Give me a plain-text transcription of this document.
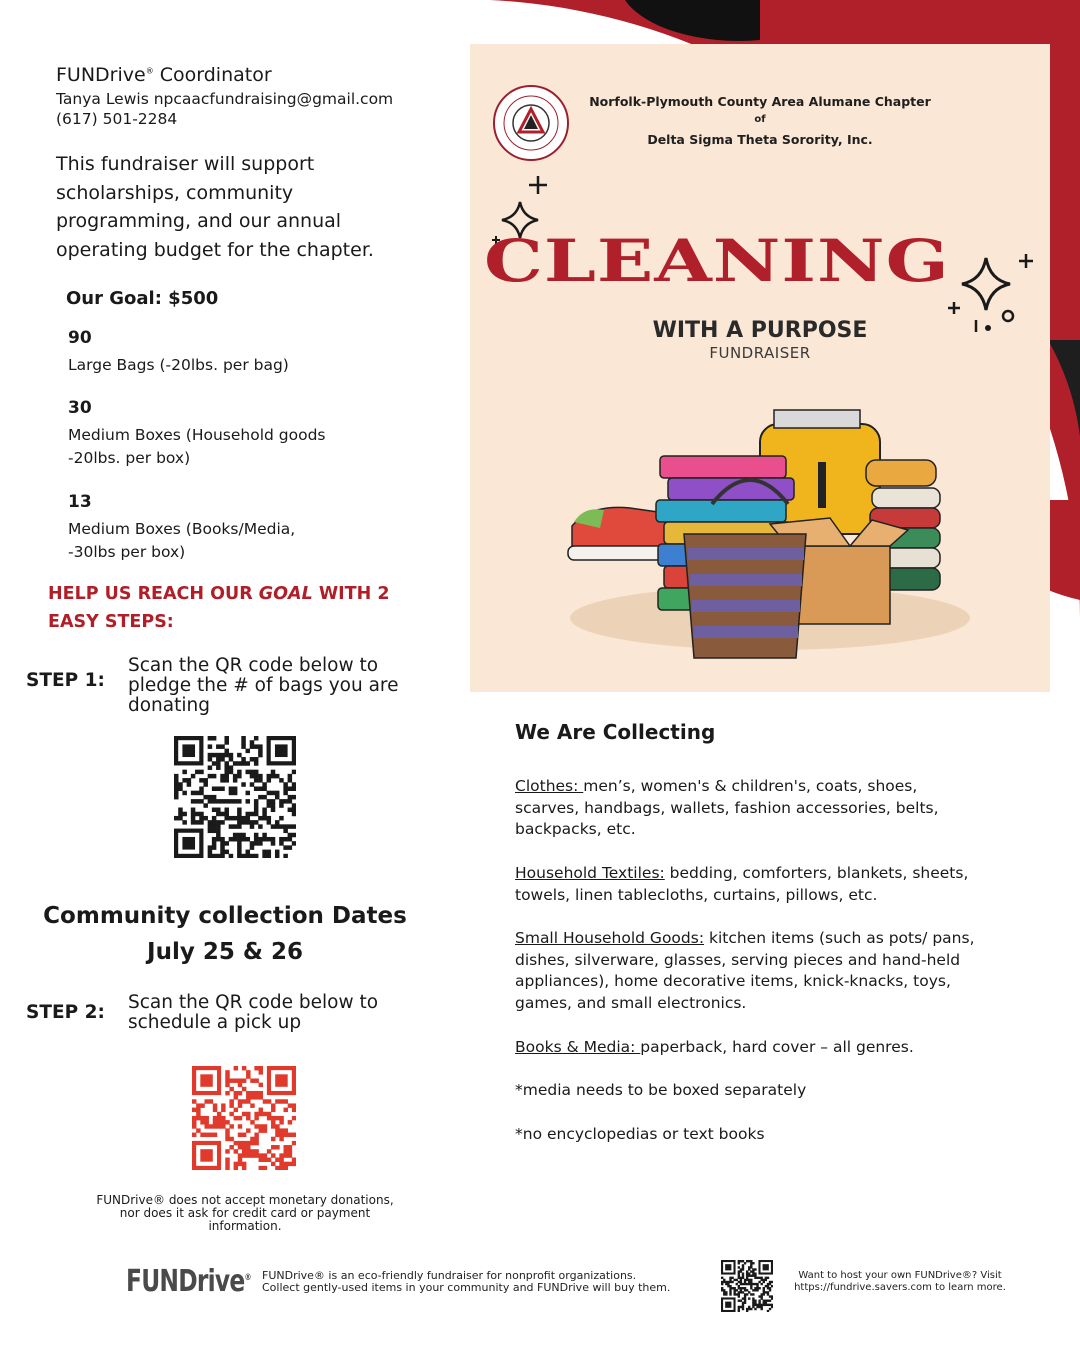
FUNDrive® Coordinator
Tanya Lewis npcaacfundraising@gmail.com
(617) 501-2284
This fundraiser will support scholarships, community programming, and our annual operating budget for the chapter.
Our Goal: $500
90
Large Bags (-20lbs. per bag)
30
Medium Boxes (Household goods -20lbs. per box)
13
Medium Boxes (Books/Media, -30lbs per box)
HELP US REACH OUR GOAL WITH 2 EASY STEPS:
STEP 1:
Scan the QR code below to pledge the # of bags you are donating
Community collection Dates
July 25 & 26
STEP 2: Scan the QR code below to schedule a pick up
FUNDrive® does not accept monetary donations, nor does it ask for credit card or payment information.
Norfolk-Plymouth County Area Alumane Chapter
of
Delta Sigma Theta Sorority, Inc.
CLEANING
WITH A PURPOSE
FUNDRAISER
We Are Collecting
Clothes: men’s, women's & children's, coats, shoes, scarves, handbags, wallets, fashion accessories, belts, backpacks, etc.
Household Textiles: bedding, comforters, blankets, sheets, towels, linen tablecloths, curtains, pillows, etc.
Small Household Goods: kitchen items (such as pots/ pans, dishes, silverware, glasses, serving pieces and hand-held appliances), home decorative items, knick-knacks, toys, games, and small electronics.
Books & Media: paperback, hard cover – all genres.
*media needs to be boxed separately
*no encyclopedias or text books
FUNDrive® FUNDrive® is an eco-friendly fundraiser for nonprofit organizations.
Collect gently-used items in your community and FUNDrive will buy them.
Want to host your own FUNDrive®? Visit
https://fundrive.savers.com to learn more.
